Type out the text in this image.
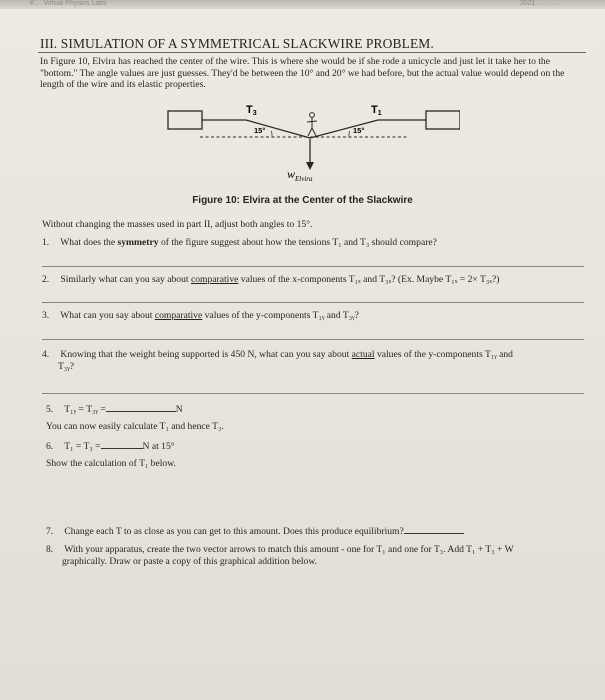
K… Virtual Physics Labs	2021 … … …
III. SIMULATION OF A SYMMETRICAL SLACKWIRE PROBLEM.
In Figure 10, Elvira has reached the center of the wire. This is where she would be if she rode a unicycle and just let it take her to the "bottom." The angle values are just guesses. They'd be between the 10° and 20° we had before, but the actual value would depend on the length of the wire and its elastic properties.
T3	T1
15°	15°
$w_{Elvira}$
Figure 10: Elvira at the Center of the Slackwire
Without changing the masses used in part II, adjust both angles to 15°.
1. What does the symmetry of the figure suggest about how the tensions T₁ and T₃ should compare?
2. Similarly what can you say about comparative values of the x-components T₁ₓ and T₃ₓ? (Ex. Maybe T₁ₓ = 2× T₃ₓ?)
3. What can you say about comparative values of the y-components T₁ᵧ and T₃ᵧ?
4. Knowing that the weight being supported is 450 N, what can you say about actual values of the y-components T₁ᵧ and
T₃ᵧ?
5. T₁ᵧ = T₃ᵧ =	N
You can now easily calculate T₁ and hence T₃.
6. T₁ = T₃ =	N at 15°
Show the calculation of T₁ below.
7. Change each T to as close as you can get to this amount. Does this produce equilibrium?
8. With your apparatus, create the two vector arrows to match this amount - one for T₁ and one for T₃. Add T₁ + T₃ + W
graphically. Draw or paste a copy of this graphical addition below.
